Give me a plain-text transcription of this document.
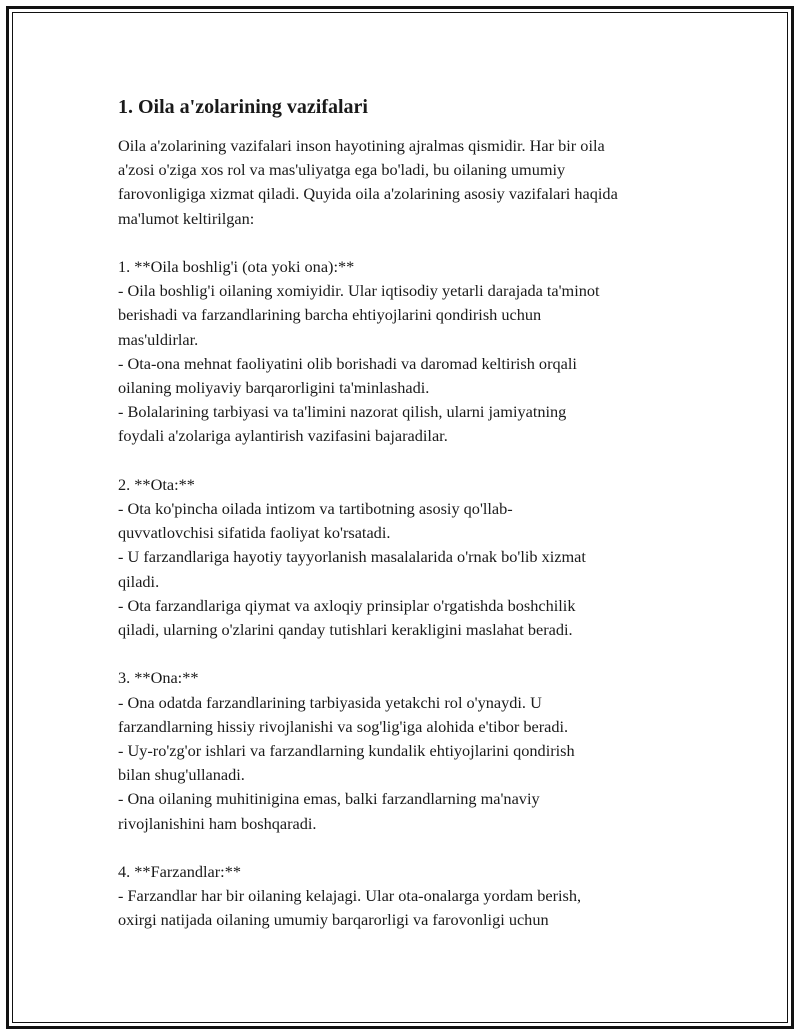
1. Oila a'zolarining vazifalari

Oila a'zolarining vazifalari inson hayotining ajralmas qismidir. Har bir oila
a'zosi o'ziga xos rol va mas'uliyatga ega bo'ladi, bu oilaning umumiy
farovonligiga xizmat qiladi. Quyida oila a'zolarining asosiy vazifalari haqida
ma'lumot keltirilgan:

1. **Oila boshlig'i (ota yoki ona):**

- Oila boshlig'i oilaning xomiyidir. Ular iqtisodiy yetarli darajada ta'minot
berishadi va farzandlarining barcha ehtiyojlarini qondirish uchun
mas'uldirlar.

- Ota-ona mehnat faoliyatini olib borishadi va daromad keltirish orqali
oilaning moliyaviy barqarorligini ta'minlashadi.

- Bolalarining tarbiyasi va ta'limini nazorat qilish, ularni jamiyatning
foydali a'zolariga aylantirish vazifasini bajaradilar.

2. **Ota:**

- Ota ko'pincha oilada intizom va tartibotning asosiy qo'llab-
quvvatlovchisi sifatida faoliyat ko'rsatadi.

- U farzandlariga hayotiy tayyorlanish masalalarida o'rnak bo'lib xizmat
qiladi.

- Ota farzandlariga qiymat va axloqiy prinsiplar o'rgatishda boshchilik
qiladi, ularning o'zlarini qanday tutishlari kerakligini maslahat beradi.

3. **Ona:**

- Ona odatda farzandlarining tarbiyasida yetakchi rol o'ynaydi. U
farzandlarning hissiy rivojlanishi va sog'lig'iga alohida e'tibor beradi.

- Uy-ro'zg'or ishlari va farzandlarning kundalik ehtiyojlarini qondirish
bilan shug'ullanadi.

- Ona oilaning muhitinigina emas, balki farzandlarning ma'naviy
rivojlanishini ham boshqaradi.

4. **Farzandlar:**

- Farzandlar har bir oilaning kelajagi. Ular ota-onalarga yordam berish,
oxirgi natijada oilaning umumiy barqarorligi va farovonligi uchun
